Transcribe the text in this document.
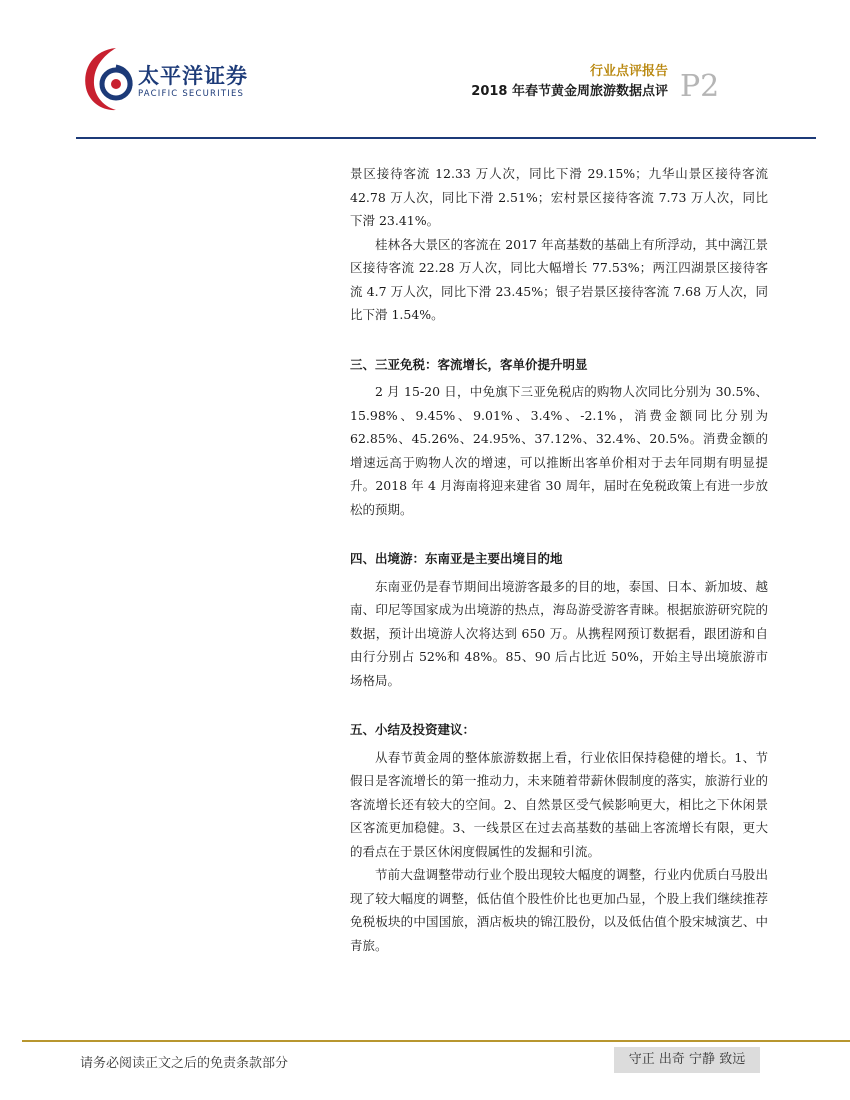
太平洋证券
PACIFIC SECURITIES
行业点评报告
2018 年春节黄金周旅游数据点评 P2

景区接待客流 12.33 万人次，同比下滑 29.15%；九华山景区接待客流 42.78 万人次，同比下滑 2.51%；宏村景区接待客流 7.73 万人次，同比下滑 23.41%。

桂林各大景区的客流在 2017 年高基数的基础上有所浮动，其中漓江景区接待客流 22.28 万人次，同比大幅增长 77.53%；两江四湖景区接待客流 4.7 万人次，同比下滑 23.45%；银子岩景区接待客流 7.68 万人次，同比下滑 1.54%。

三、三亚免税：客流增长，客单价提升明显

2 月 15-20 日，中免旗下三亚免税店的购物人次同比分别为 30.5%、15.98%、9.45%、9.01%、3.4%、-2.1%，消费金额同比分别为 62.85%、45.26%、24.95%、37.12%、32.4%、20.5%。消费金额的增速远高于购物人次的增速，可以推断出客单价相对于去年同期有明显提升。2018 年 4 月海南将迎来建省 30 周年，届时在免税政策上有进一步放松的预期。

四、出境游：东南亚是主要出境目的地

东南亚仍是春节期间出境游客最多的目的地，泰国、日本、新加坡、越南、印尼等国家成为出境游的热点，海岛游受游客青睐。根据旅游研究院的数据，预计出境游人次将达到 650 万。从携程网预订数据看，跟团游和自由行分别占 52%和 48%。85、90 后占比近 50%，开始主导出境旅游市场格局。

五、小结及投资建议：

从春节黄金周的整体旅游数据上看，行业依旧保持稳健的增长。1、节假日是客流增长的第一推动力，未来随着带薪休假制度的落实，旅游行业的客流增长还有较大的空间。2、自然景区受气候影响更大，相比之下休闲景区客流更加稳健。3、一线景区在过去高基数的基础上客流增长有限，更大的看点在于景区休闲度假属性的发掘和引流。

节前大盘调整带动行业个股出现较大幅度的调整，行业内优质白马股出现了较大幅度的调整，低估值个股性价比也更加凸显，个股上我们继续推荐免税板块的中国国旅，酒店板块的锦江股份，以及低估值个股宋城演艺、中青旅。

请务必阅读正文之后的免责条款部分	守正 出奇 宁静 致远
